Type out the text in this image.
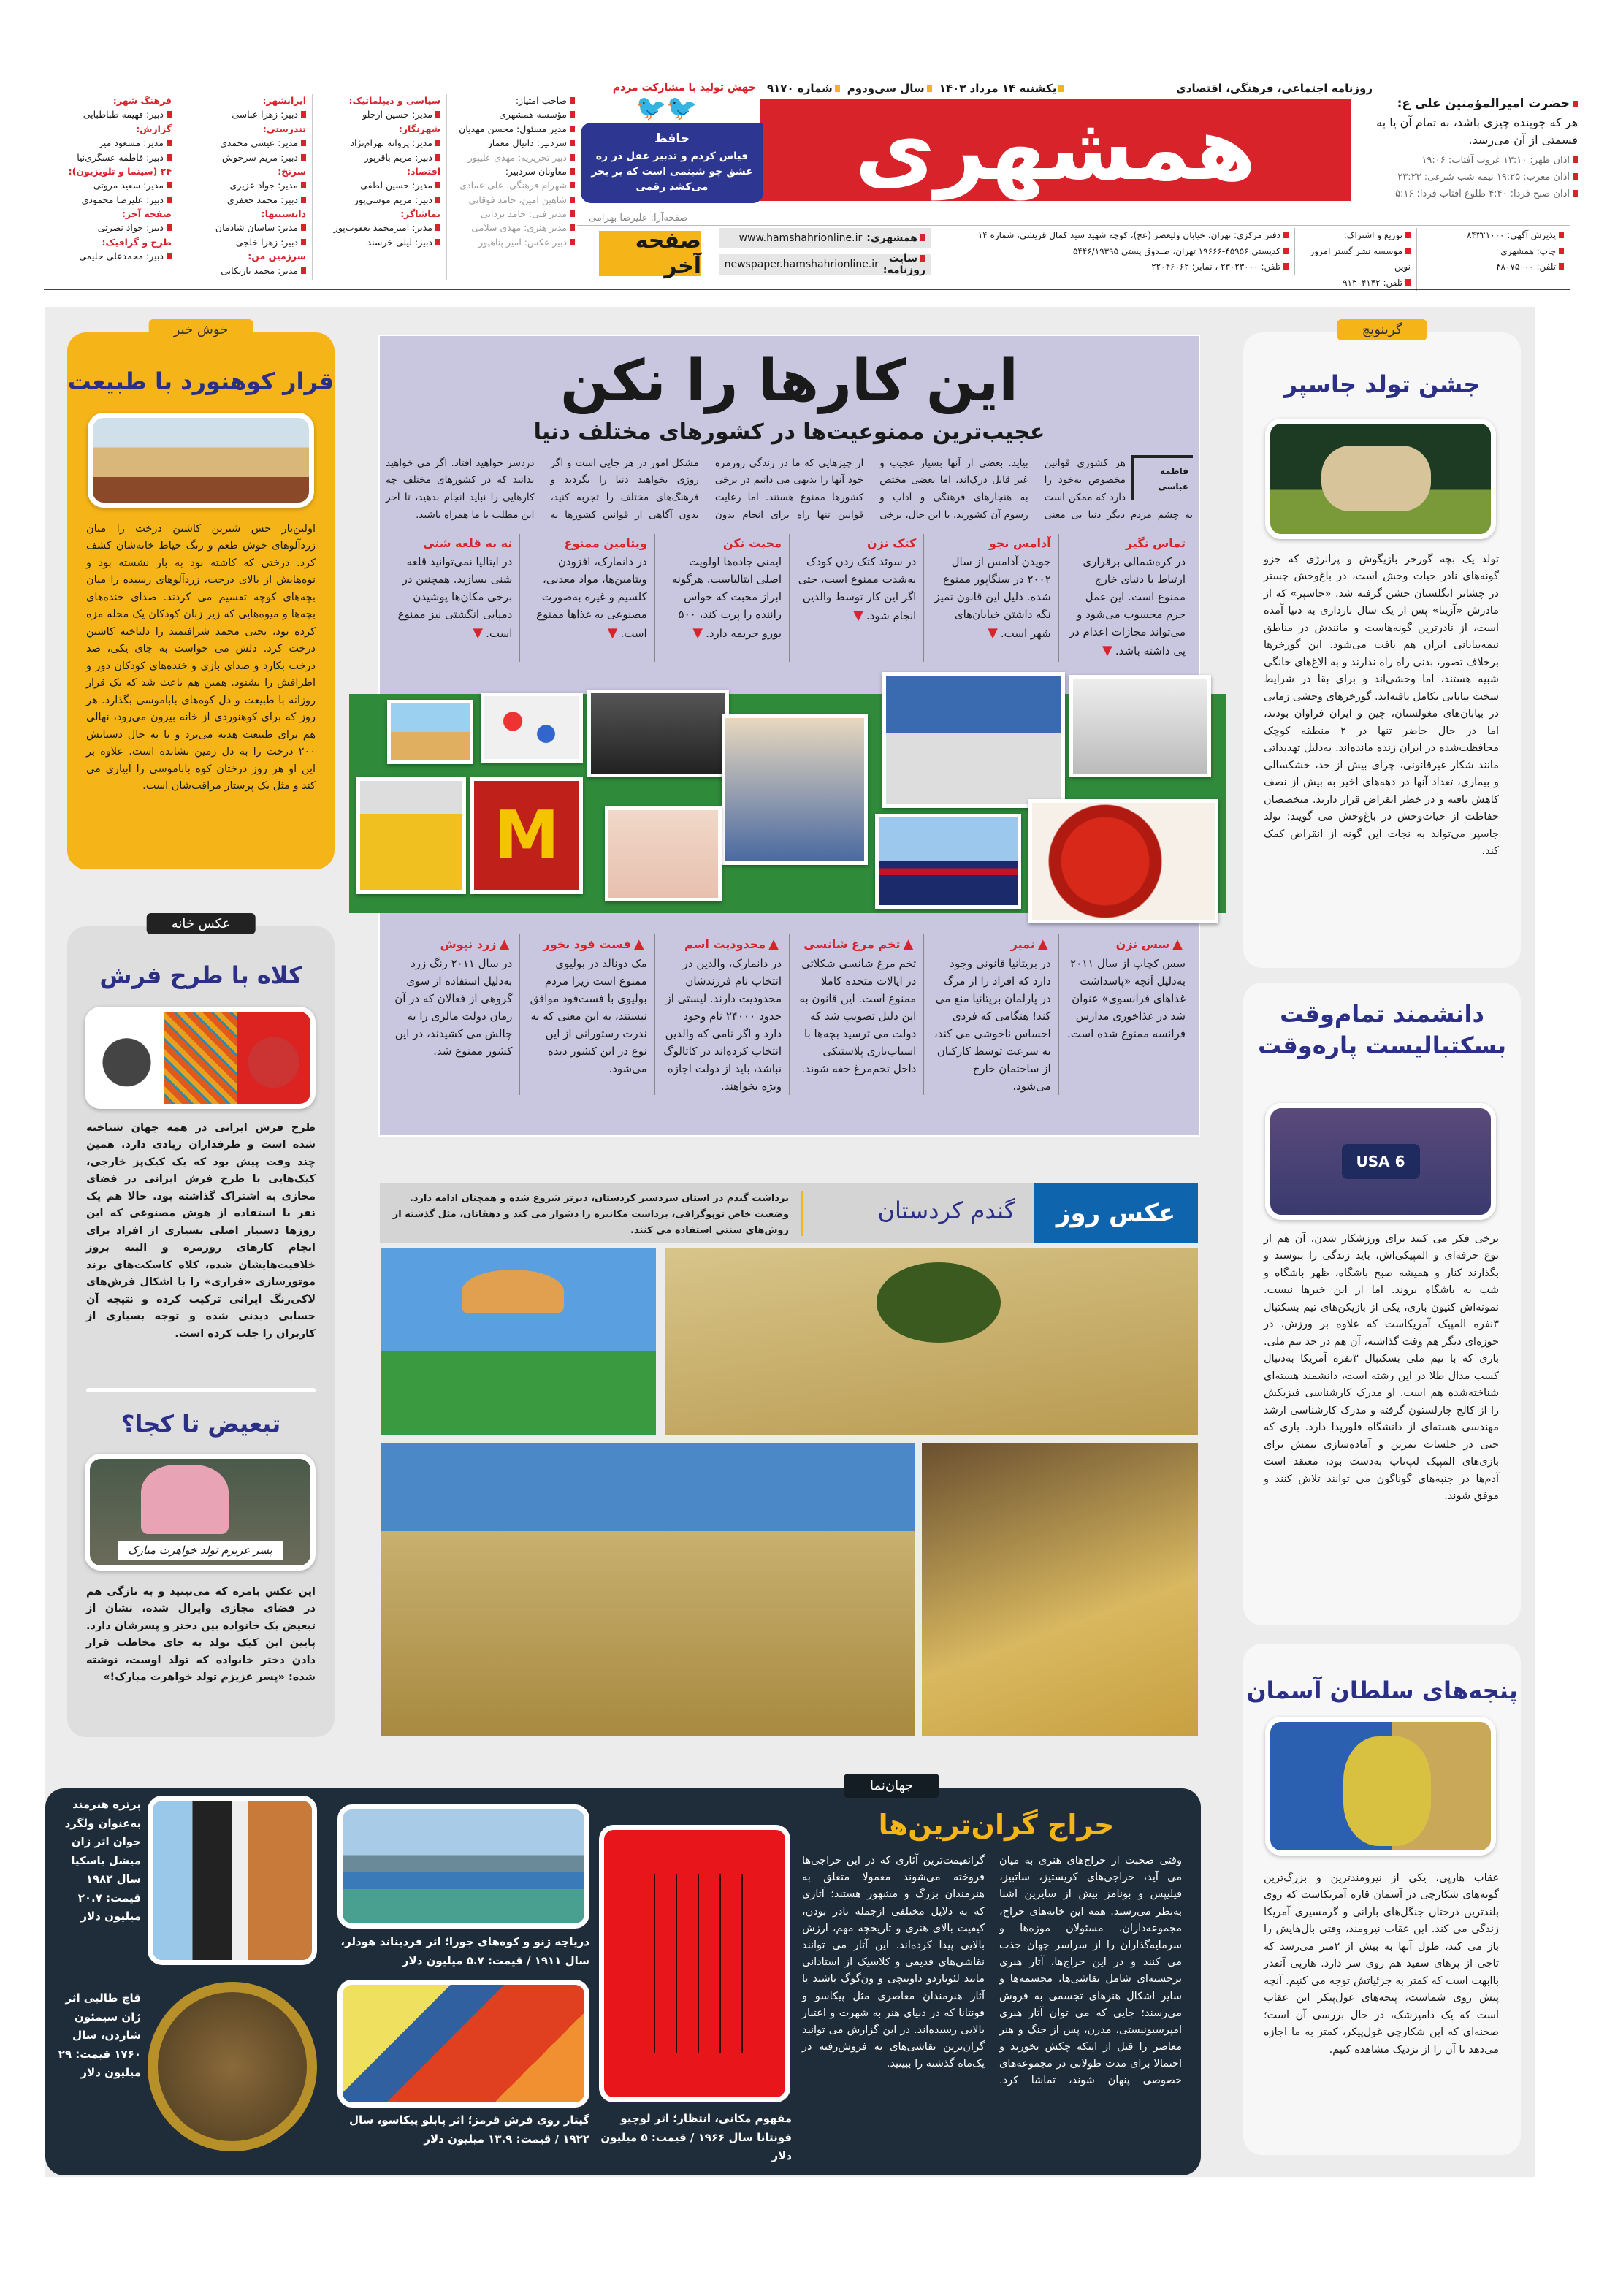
روزنامه اجتماعی، فرهنگی، اقتصادی
یکشنبه ۱۴ مرداد ۱۴۰۳
سال سی‌ودوم
شماره ۹۱۷۰
جهش تولید با مشارکت مردم
همشهری
🐦🐦
حافظ
قیاس کردم و تدبیر عقل در ره عشق چو شبنمی است که بر بحر می‌کشد رقمی
صفحه‌آرا: علیرضا بهرامی
حضرت امیرالمؤمنین علی ع:
هر که جوینده چیزی باشد، به تمام آن یا به قسمتی از آن می‌رسد.
اذان ظهر: ۱۳:۱۰ غروب آفتاب: ۱۹:۰۶
اذان مغرب: ۱۹:۲۵ نیمه شب شرعی: ۲۳:۲۳
اذان صبح فردا: ۴:۴۰ طلوع آفتاب فردا: ۵:۱۶
صاحب امتیاز:
مؤسسه همشهری
مدیر مسئول: محسن مهدیان
سردبیر: دانیال معمار
دبیر تحریریه: مهدی علیپور
معاونان سردبیر:
شهرام فرهنگی، علی عمادی
شاهین امین، حامد فوقانی
مدیر فنی: حامد یزدانی
مدیر هنری: مهدی سلامی
دبیر عکس: امیر پناهپور
سیاسی و دیپلماتیک:
مدیر: حسین ارجلو
شهرنگار:
مدیر: پروانه بهرام‌نژاد
دبیر: مریم باقرپور
اقتصاد:
مدیر: حسین لطفی
دبیر: مریم موسی‌پور
تماشاگر:
مدیر: امیرمحمد یعقوب‌پور
دبیر: لیلی خرسند
ایرانشهر:
دبیر: زهرا عباسی
تندرستی:
مدیر: عیسی محمدی
دبیر: مریم سرخوش
سرنخ:
مدیر: جواد عزیزی
دبیر: محمد جعفری
دانستنیها:
مدیر: ساسان شادمان
دبیر: زهرا خلجی
سرزمین من:
مدیر: محمد باریکانی
فرهنگ شهر:
دبیر: فهیمه طباطبایی
گزارش:
مدیر: مسعود میر
دبیر: فاطمه عسگری‌نیا
۲۴ (سینما و تلویزیون):
مدیر: سعید مروتی
دبیر: علیرضا محمودی
صفحه آخر:
دبیر: جواد نصرتی
طرح و گرافیک:
دبیر: محمدعلی حلیمی
صفحه آخر
همشهری:
www.hamshahrionline.ir
سایت روزنامه:
newspaper.hamshahrionline.ir
دفتر مرکزی: تهران، خیابان ولیعصر (عج)، کوچه شهید سید کمال قریشی، شماره ۱۴
کدپستی ۴۵۹۵۶-۱۹۶۶۶ تهران، صندوق پستی ۵۴۴۶/۱۹۳۹۵
تلفن: ۲۳۰۲۳۰۰۰ ، نمابر: ۲۲۰۴۶۰۶۲
توزیع و اشتراک:
موسسه نشر گستر امروز نوین
تلفن: ۹۱۳۰۴۱۴۲
پذیرش آگهی: ۸۴۳۲۱۰۰۰
چاپ: همشهری
تلفن: ۴۸۰۷۵۰۰۰
خوش خبر
قرار کوهنورد با طبیعت
اولین‌بار حس شیرین کاشتن درخت را میان زردآلوهای خوش طعم و رنگ حیاط خانه‌شان کشف کرد. درختی که کاشته بود به بار نشسته بود و نوه‌هایش از بالای درخت، زردآلوهای رسیده را میان بچه‌های کوچه تقسیم می کردند. صدای خنده‌های بچه‌ها و میوه‌هایی که زیر زبان کودکان یک محله مزه کرده بود، یحیی محمد شرافتمند را دلباخته کاشتن درخت کرد. دلش می خواست به جای یکی، صد درخت بکارد و صدای بازی و خنده‌های کودکان دور و اطرافش را بشنود. همین هم باعث شد که یک قرار روزانه با طبیعت و دل کوه‌های باباموسی بگذارد. هر روز که برای کوهنوردی از خانه بیرون می‌رود، نهالی هم برای طبیعت هدیه می‌برد و تا به حال دستانش ۲۰۰ درخت را به دل زمین نشانده است. علاوه بر این او هر روز درختان کوه باباموسی را آبیاری می کند و مثل یک پرستار مراقب‌شان است.
عکس خانه
کلاه با طرح فرش
طرح فرش ایرانی در همه جهان شناخته شده است و طرفداران زیادی دارد. همین چند وقت پیش بود که یک کیک‌پز خارجی، کیک‌هایی با طرح فرش ایرانی در فضای مجازی به اشتراک گذاشته بود. حالا هم یک نفر با استفاده از هوش مصنوعی که این روزها دستیار اصلی بسیاری از افراد برای انجام کارهای روزمره و البته بروز خلاقیت‌هایشان شده، کلاه کاسکت‌های برند موتورسازی «فراری» را با اشکال فرش‌های لاکی‌رنگ ایرانی ترکیب کرده و نتیجه آن حسابی دیدنی شده و توجه بسیاری از کاربران را جلب کرده است.
تبعیض تا کجا؟
پسر عزیزم تولد خواهرت مبارک
این عکس بامزه که می‌بینید و به تازگی هم در فضای مجازی وایرال شده، نشان از تبعیض یک خانواده بین دختر و پسرشان دارد. پایین این کیک تولد به جای مخاطب قرار دادن دختر خانواده که تولد اوست، نوشته شده: «پسر عزیزم تولد خواهرت مبارک!»
گرینویچ
جشن تولد جاسپر
تولد یک بچه گورخر بازیگوش و پرانرژی که جزو گونه‌های نادر حیات وحش است، در باغ‌وحش چستر در چشایر انگلستان جشن گرفته شد. «جاسپر» که از مادرش «آزیتا» پس از یک سال بارداری به دنیا آمده است، از نادرترین گونه‌هاست و مانندش در مناطق نیمه‌بیابانی ایران هم یافت می‌شود. این گورخرها برخلاف تصور، بدنی راه راه ندارند و به الاغ‌های خانگی شبیه هستند، اما وحشی‌اند و برای بقا در شرایط سخت بیابانی تکامل یافته‌اند. گورخرهای وحشی زمانی در بیابان‌های مغولستان، چین و ایران فراوان بودند، اما در حال حاضر تنها در ۲ منطقه کوچک محافظت‌شده در ایران زنده مانده‌اند. به‌دلیل تهدیداتی مانند شکار غیرقانونی، چرای بیش از حد، خشکسالی و بیماری، تعداد آنها در دهه‌های اخیر به بیش از نصف کاهش یافته و در خطر انقراض قرار دارند. متخصصان حفاظت از حیات‌وحش در باغ‌وحش می گویند: تولد جاسپر می‌تواند به نجات این گونه از انقراض کمک کند.
دانشمند تمام‌وقت بسکتبالیست پاره‌وقت
USA 6
برخی فکر می کنند برای ورزشکار شدن، آن هم از نوع حرفه‌ای و المپیکی‌اش، باید زندگی را ببوسند و بگذارند کنار و همیشه صبح باشگاه، ظهر باشگاه و شب به باشگاه بروند. اما از این خبرها نیست. نمونه‌اش کنیون باری، یکی از بازیکن‌های تیم بسکتبال ۳نفره المپیک آمریکاست که علاوه بر ورزش، در حوزه‌ای دیگر هم وقت گذاشته، آن هم در حد تیم ملی. باری که با تیم ملی بسکتبال ۳نفره آمریکا به‌دنبال کسب مدال طلا در این رشته است، دانشمند هسته‌ای شناخته‌شده هم است. او مدرک کارشناسی فیزیکش را از کالج چارلستون گرفته و مدرک کارشناسی ارشد مهندسی هسته‌ای از دانشگاه فلوریدا دارد. باری که حتی در جلسات تمرین و آماده‌سازی تیمش برای بازی‌های المپیک لپ‌تاپ به‌دست بود، معتقد است آدم‌ها در جنبه‌های گوناگون می توانند تلاش کنند و موفق شوند.
پنجه‌های سلطان آسمان
عقاب هارپی، یکی از نیرومندترین و بزرگ‌ترین گونه‌های شکارچی در آسمان قاره آمریکاست که روی بلندترین درختان جنگل‌های بارانی و گرمسیری آمریکا زندگی می کند. این عقاب نیرومند، وقتی بال‌هایش را باز می کند، طول آنها به بیش از ۲متر می‌رسد که تاجی از پرهای سفید هم روی سر دارد. هارپی آنقدر باابهت است که کمتر به جزئیاتش توجه می کنیم. آنچه پیش روی شماست، پنجه‌های غول‌پیکر این عقاب است که یک دامپزشک، در حال بررسی آن است؛ صحنه‌ای که این شکارچی غول‌پیکر، کمتر به ما اجازه می‌دهد تا آن را از نزدیک مشاهده کنیم.
این کارها را نکن
عجیب‌ترین ممنوعیت‌ها در کشورهای مختلف دنیا
فاطمه عباسی
هر کشوری قوانین مخصوص به‌خود را دارد که ممکن است به چشم مردم دیگر دنیا بی معنی بیاید. بعضی از آنها بسیار عجیب و غیر قابل درک‌اند، اما بعضی مختص به هنجارهای فرهنگی و آداب و رسوم آن کشورند. با این حال، برخی از چیزهایی که ما در زندگی روزمره خود آنها را بدیهی می دانیم در برخی کشورها ممنوع هستند. اما رعایت قوانین تنها راه برای انجام بدون مشکل امور در هر جایی است و اگر روزی بخواهید دنیا را بگردید و فرهنگ‌های مختلف را تجربه کنید، بدون آگاهی از قوانین کشورها به دردسر خواهید افتاد. اگر می خواهید بدانید که در کشورهای مختلف چه کارهایی را نباید انجام بدهید، تا آخر این مطلب با ما همراه باشید.
تماس نگیر
در کره‌شمالی برقراری ارتباط با دنیای خارج ممنوع است. این عمل جرم محسوب می‌شود و می‌تواند مجازات اعدام در پی داشته باشد.▼
آدامس نجو
جویدن آدامس از سال ۲۰۰۲ در سنگاپور ممنوع شده. دلیل این قانون تمیز نگه داشتن خیابان‌های شهر است.▼
کتک نزن
در سوئد کتک زدن کودک به‌شدت ممنوع است، حتی اگر این کار توسط والدین انجام شود.▼
محبت نکن
ایمنی جاده‌ها اولویت اصلی ایتالیاست. هرگونه ابراز محبت که حواس راننده را پرت کند، ۵۰۰ یورو جریمه دارد.▼
ویتامین ممنوع
در دانمارک، افزودن ویتامین‌ها، مواد معدنی، کلسیم و غیره به‌صورت مصنوعی به غذاها ممنوع است.▼
نه به قلعه شنی
در ایتالیا نمی‌توانید قلعه شنی بسازید. همچنین در برخی مکان‌ها پوشیدن دمپایی انگشتی نیز ممنوع است.▼
M
▲سس نزن
سس کچاپ از سال ۲۰۱۱ به‌دلیل آنچه «پاسداشت غذاهای فرانسوی» عنوان شد در غذاخوری مدارس فرانسه ممنوع شده است.
▲نمیر
در بریتانیا قانونی وجود دارد که افراد را از مرگ در پارلمان بریتانیا منع می کند! هنگامی که فردی احساس ناخوشی می کند، به سرعت توسط کارکنان از ساختمان خارج می‌شود.
▲تخم مرغ شانسی
تخم مرغ شانسی شکلاتی در ایالات متحده کاملا ممنوع است. این قانون به این دلیل تصویب شد که دولت می ترسید بچه‌ها با اسباب‌بازی پلاستیکی داخل تخم‌مرغ خفه شوند.
▲محدودیت اسم
در دانمارک، والدین در انتخاب نام فرزندشان محدودیت دارند. لیستی از حدود ۲۴۰۰۰ نام وجود دارد و اگر نامی که والدین انتخاب کرده‌اند در کاتالوگ نباشد، باید از دولت اجازه ویژه بخواهند.
▲فست فود نخور
مک دونالد در بولیوی ممنوع است زیرا مردم بولیوی با فست‌فود موافق نیستند، به این معنی که به ندرت رستورانی از این نوع در این کشور دیده می‌شود.
▲زرد نپوش
در سال ۲۰۱۱ رنگ زرد به‌دلیل استفاده از سوی گروهی از فعالان که در آن زمان دولت مالزی را به چالش می کشیدند، در این کشور ممنوع شد.
عکس روز
گندم کردستان
برداشت گندم در استان سردسیر کردستان، دیرتر شروع شده و همچنان ادامه دارد. وضعیت خاص توپوگرافی، برداشت مکانیزه را دشوار می کند و دهقانان، مثل گذشته از روش‌های سنتی استفاده می کنند.
حراج گران‌ترین‌ها
وقتی صحبت از حراج‌های هنری به میان می آید، حراجی‌های کریستیز، ساتبیز، فیلیپس و بونامز بیش از سایرین آشنا به‌نظر می‌رسند. همه این خانه‌های حراج، مجموعه‌داران، مسئولان موزه‌ها و سرمایه‌گذاران را از سراسر جهان جذب می کنند و در این حراج‌ها، آثار هنری برجسته‌ای شامل نقاشی‌ها، مجسمه‌ها و سایر اشکال هنرهای تجسمی به فروش می‌رسند؛ جایی که می توان آثار هنری امپرسیونیستی، مدرن، پس از جنگ و هنر معاصر را قبل از اینکه چکش بخورند و احتمالا برای مدت طولانی در مجموعه‌های خصوصی پنهان شوند، تماشا کرد. گرانقیمت‌ترین آثاری که در این حراجی‌ها فروخته می‌شوند معمولا متعلق به هنرمندان بزرگ و مشهور هستند؛ آثاری که به دلایل مختلفی ازجمله نادر بودن، کیفیت بالای هنری و تاریخچه مهم، ارزش بالایی پیدا کرده‌اند. این آثار می توانند نقاشی‌های قدیمی و کلاسیک از استادانی مانند لئوناردو داوینچی و ون‌گوگ باشند یا آثار هنرمندان معاصری مثل پیکاسو و فونتانا که در دنیای هنر به شهرت و اعتبار بالایی رسیده‌اند. در این گزارش می توانید گران‌ترین نقاشی‌های به فروش‌رفته در یک‌ماه گذشته را ببینید.
مفهوم مکانی، انتظار؛ اثر لوچیو فونتانا سال ۱۹۶۶ / قیمت: ۵ میلیون دلار
دریاچه ژنو و کوه‌های جورا؛ اثر فردیناند هودلر، سال ۱۹۱۱ / قیمت: ۵.۷ میلیون دلار
گیتار روی فرش قرمز؛ اثر پابلو پیکاسو، سال ۱۹۲۲ / قیمت: ۱۳.۹ میلیون دلار
پرتره هنرمند به‌عنوان ولگرد جوان اثر ژان میشل باسکیا سال ۱۹۸۲ قیمت: ۲۰.۷ میلیون دلار
قاچ طالبی اثر ژان سیمئون شاردن، سال ۱۷۶۰ قیمت: ۲۹ میلیون دلار
جهان‌نما
